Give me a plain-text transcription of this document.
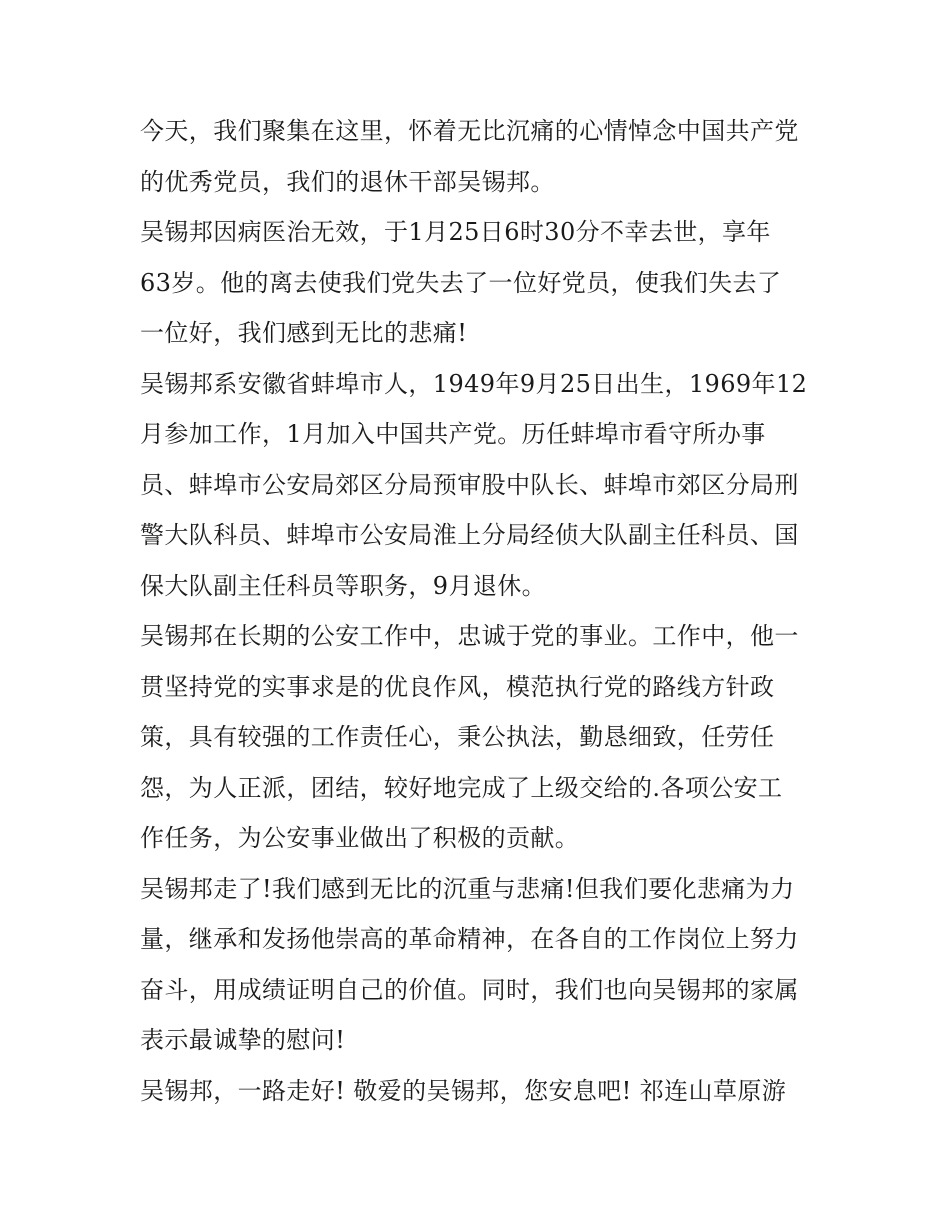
今天，我们聚集在这里，怀着无比沉痛的心情悼念中国共产党
的优秀党员，我们的退休干部吴锡邦。

吴锡邦因病医治无效，于1月25日6时30分不幸去世，享年
63岁。他的离去使我们党失去了一位好党员，使我们失去了
一位好，我们感到无比的悲痛!

吴锡邦系安徽省蚌埠市人，1949年9月25日出生，1969年12
月参加工作，1月加入中国共产党。历任蚌埠市看守所办事
员、蚌埠市公安局郊区分局预审股中队长、蚌埠市郊区分局刑
警大队科员、蚌埠市公安局淮上分局经侦大队副主任科员、国
保大队副主任科员等职务，9月退休。

吴锡邦在长期的公安工作中，忠诚于党的事业。工作中，他一
贯坚持党的实事求是的优良作风，模范执行党的路线方针政
策，具有较强的工作责任心，秉公执法，勤恳细致，任劳任
怨，为人正派，团结，较好地完成了上级交给的.各项公安工
作任务，为公安事业做出了积极的贡献。

吴锡邦走了!我们感到无比的沉重与悲痛!但我们要化悲痛为力
量，继承和发扬他崇高的革命精神，在各自的工作岗位上努力
奋斗，用成绩证明自己的价值。同时，我们也向吴锡邦的家属
表示最诚挚的慰问!

吴锡邦，一路走好! 敬爱的吴锡邦，您安息吧! 祁连山草原游
